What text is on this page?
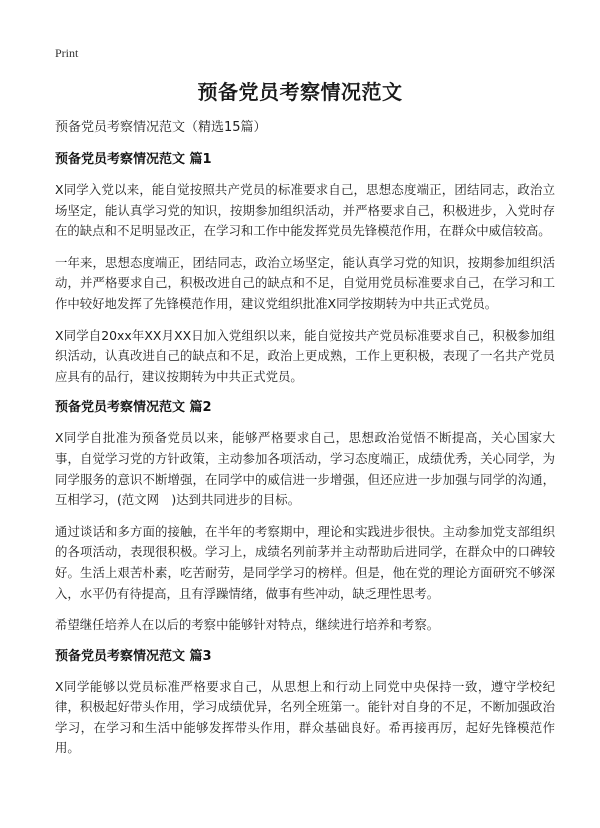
Print
预备党员考察情况范文

预备党员考察情况范文（精选15篇）

预备党员考察情况范文 篇1

X同学入党以来，能自觉按照共产党员的标准要求自己，思想态度端正，团结同志，政治立场坚定，能认真学习党的知识，按期参加组织活动，并严格要求自己，积极进步，入党时存在的缺点和不足明显改正，在学习和工作中能发挥党员先锋模范作用，在群众中威信较高。

一年来，思想态度端正，团结同志，政治立场坚定，能认真学习党的知识，按期参加组织活动，并严格要求自己，积极改进自己的缺点和不足，自觉用党员标准要求自己，在学习和工作中较好地发挥了先锋模范作用，建议党组织批准X同学按期转为中共正式党员。

X同学自20xx年XX月XX日加入党组织以来，能自觉按共产党员标准要求自己，积极参加组织活动，认真改进自己的缺点和不足，政治上更成熟，工作上更积极，表现了一名共产党员应具有的品行，建议按期转为中共正式党员。

预备党员考察情况范文 篇2

X同学自批准为预备党员以来，能够严格要求自己，思想政治觉悟不断提高，关心国家大事，自觉学习党的方针政策，主动参加各项活动，学习态度端正，成绩优秀，关心同学，为同学服务的意识不断增强，在同学中的威信进一步增强，但还应进一步加强与同学的沟通，互相学习，(范文网　)达到共同进步的目标。

通过谈话和多方面的接触，在半年的考察期中，理论和实践进步很快。主动参加党支部组织的各项活动，表现很积极。学习上，成绩名列前茅并主动帮助后进同学，在群众中的口碑较好。生活上艰苦朴素，吃苦耐劳，是同学学习的榜样。但是，他在党的理论方面研究不够深入，水平仍有待提高，且有浮躁情绪，做事有些冲动，缺乏理性思考。

希望继任培养人在以后的考察中能够针对特点，继续进行培养和考察。

预备党员考察情况范文 篇3

X同学能够以党员标准严格要求自己，从思想上和行动上同党中央保持一致，遵守学校纪律，积极起好带头作用，学习成绩优异，名列全班第一。能针对自身的不足，不断加强政治学习，在学习和生活中能够发挥带头作用，群众基础良好。希再接再厉，起好先锋模范作用。
